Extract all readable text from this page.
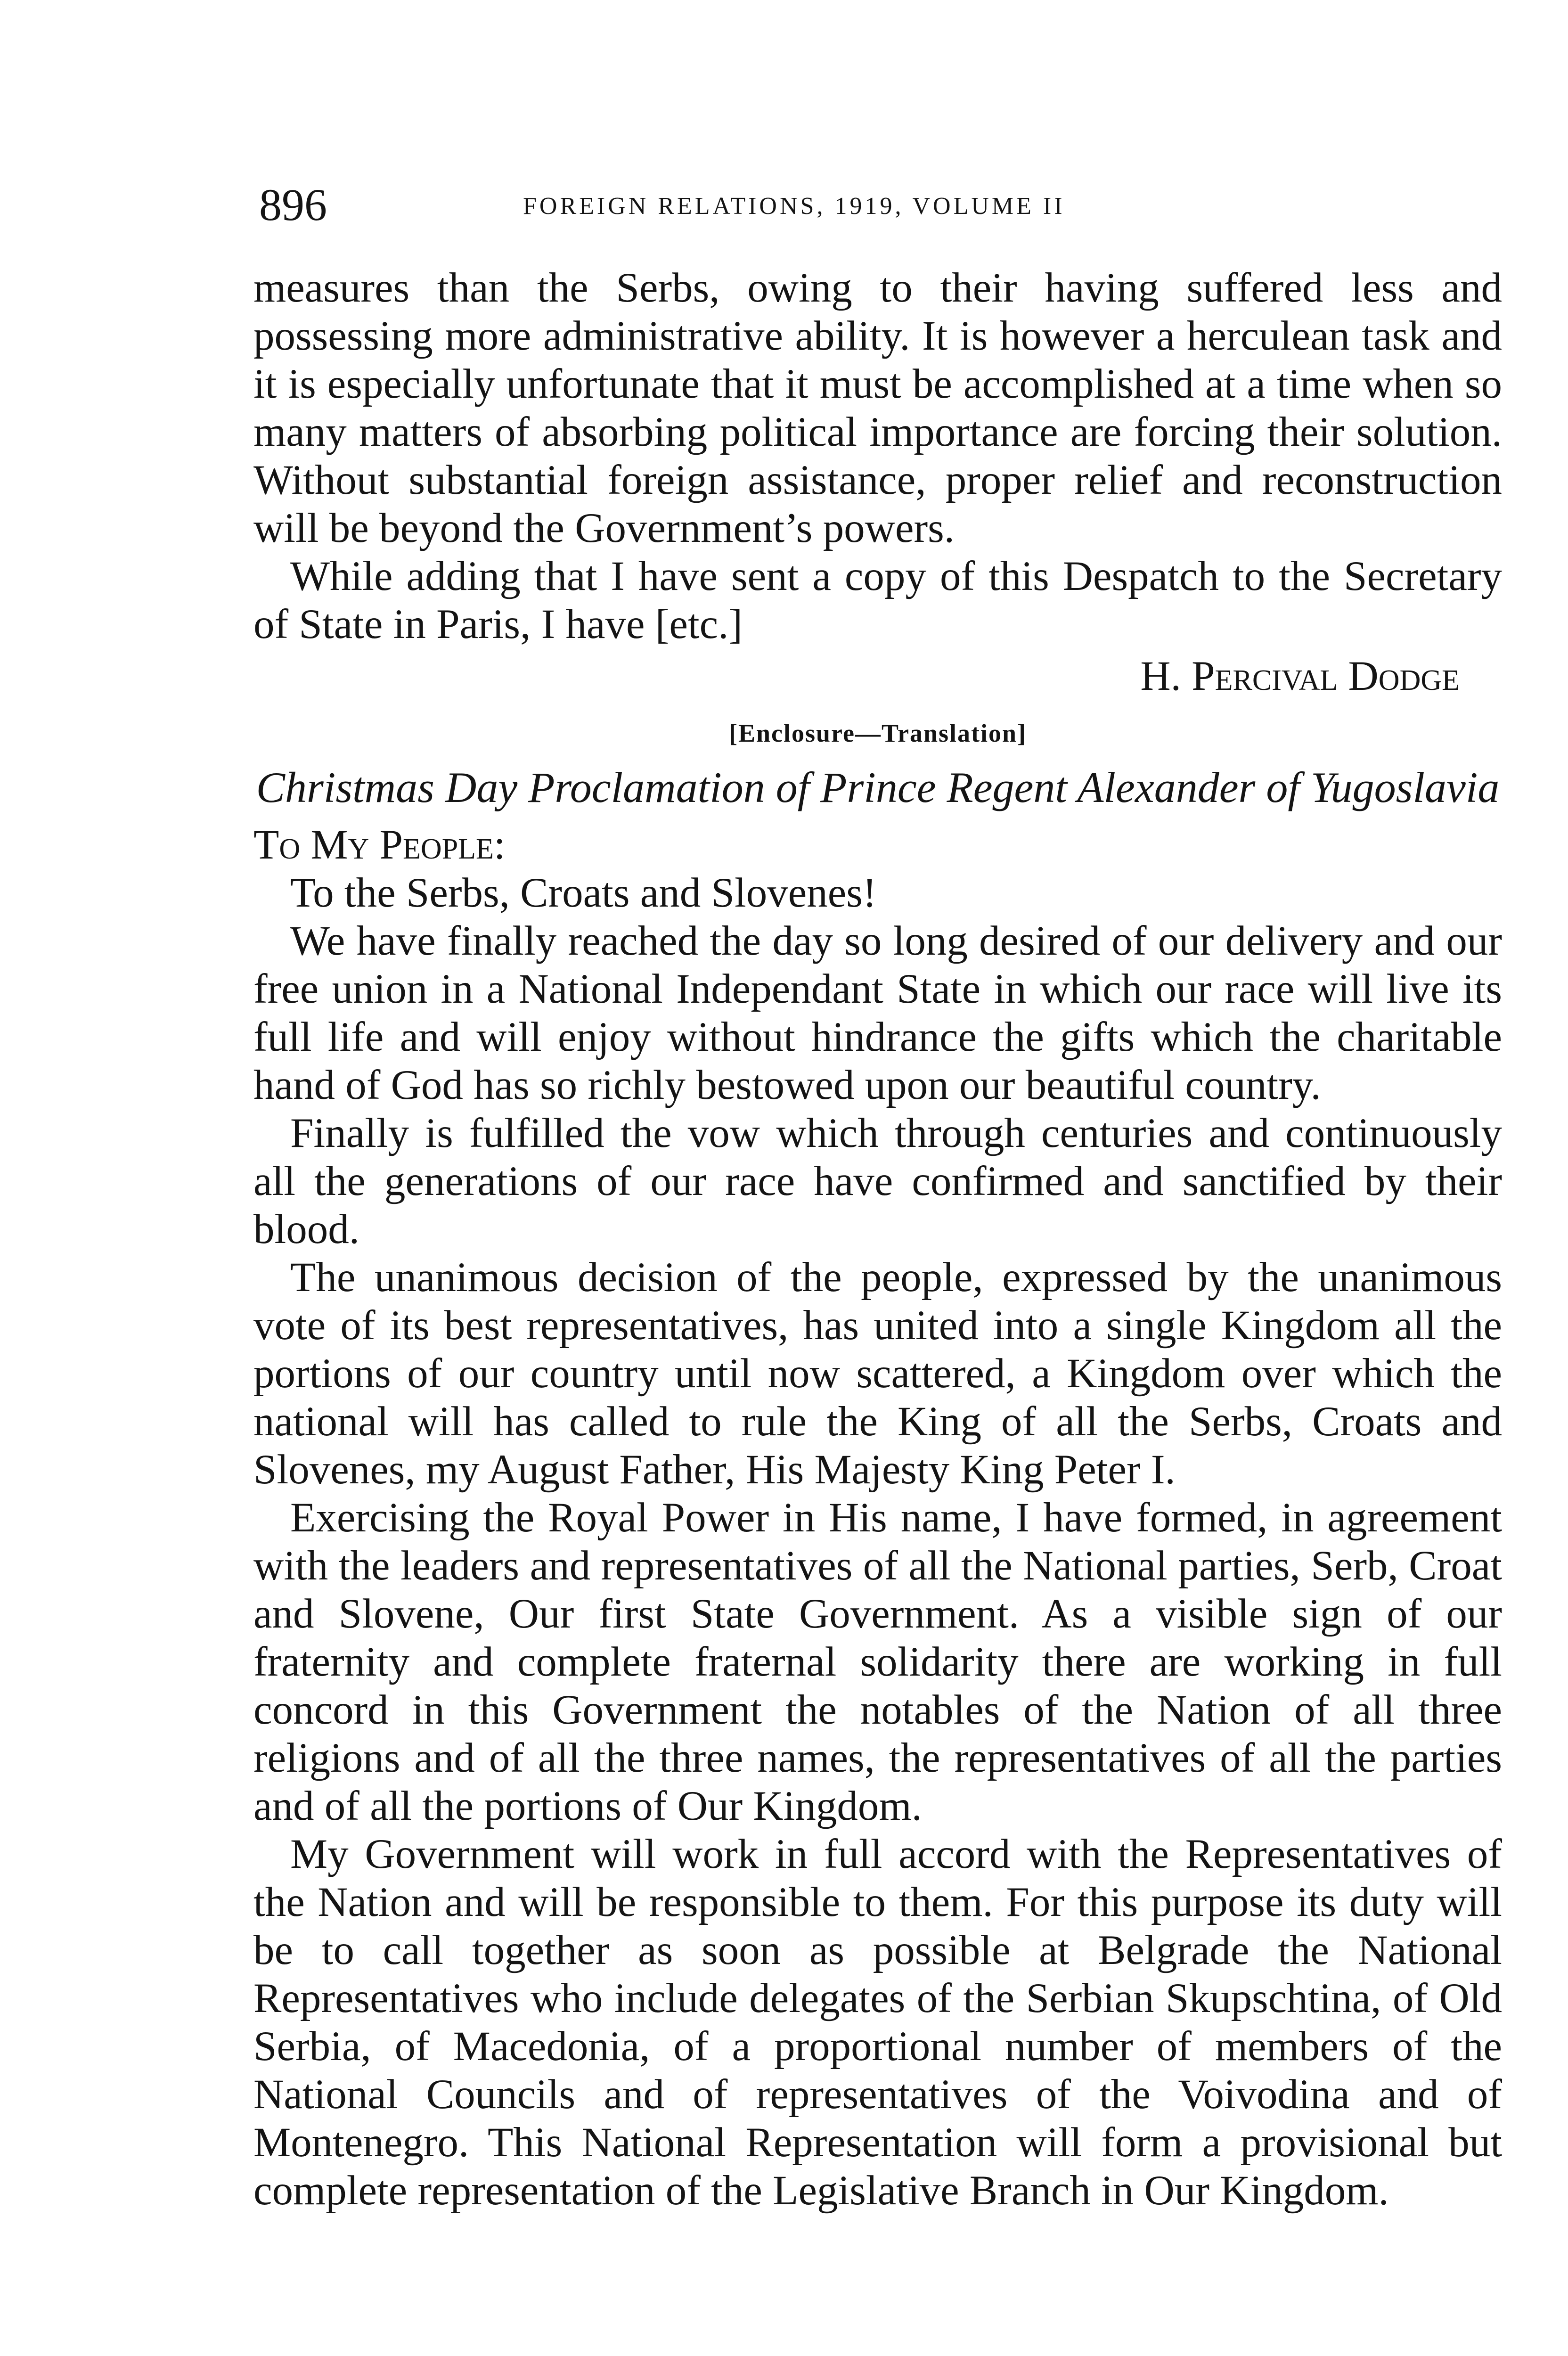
896	FOREIGN RELATIONS, 1919, VOLUME II

measures than the Serbs, owing to their having suffered less and possessing more administrative ability. It is however a herculean task and it is especially unfortunate that it must be accomplished at a time when so many matters of absorbing political importance are forcing their solution. Without substantial foreign assistance, proper relief and reconstruction will be beyond the Government’s powers.

While adding that I have sent a copy of this Despatch to the Secretary of State in Paris, I have [etc.]

H. Percival Dodge

[Enclosure—Translation]

Christmas Day Proclamation of Prince Regent Alexander of Yugoslavia

To My People:

To the Serbs, Croats and Slovenes!

We have finally reached the day so long desired of our delivery and our free union in a National Independant State in which our race will live its full life and will enjoy without hindrance the gifts which the charitable hand of God has so richly bestowed upon our beautiful country.

Finally is fulfilled the vow which through centuries and continuously all the generations of our race have confirmed and sanctified by their blood.

The unanimous decision of the people, expressed by the unanimous vote of its best representatives, has united into a single Kingdom all the portions of our country until now scattered, a Kingdom over which the national will has called to rule the King of all the Serbs, Croats and Slovenes, my August Father, His Majesty King Peter I.

Exercising the Royal Power in His name, I have formed, in agreement with the leaders and representatives of all the National parties, Serb, Croat and Slovene, Our first State Government. As a visible sign of our fraternity and complete fraternal solidarity there are working in full concord in this Government the notables of the Nation of all three religions and of all the three names, the representatives of all the parties and of all the portions of Our Kingdom.

My Government will work in full accord with the Representatives of the Nation and will be responsible to them. For this purpose its duty will be to call together as soon as possible at Belgrade the National Representatives who include delegates of the Serbian Skupschtina, of Old Serbia, of Macedonia, of a proportional number of members of the National Councils and of representatives of the Voivodina and of Montenegro. This National Representation will form a provisional but complete representation of the Legislative Branch in Our Kingdom.
